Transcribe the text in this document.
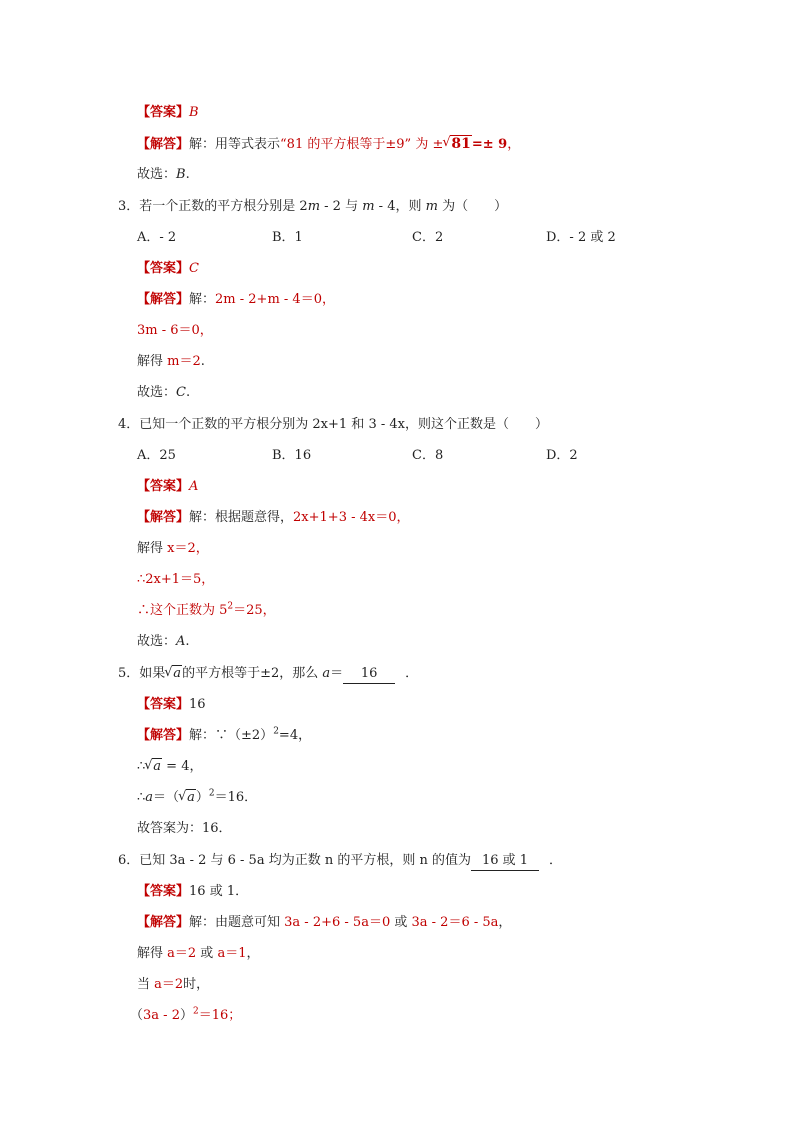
【答案】B
【解答】解：用等式表示“81 的平方根等于±9” 为 ± √ 81=± 9，
故选：B.
3．若一个正数的平方根分别是 2m - 2 与 m - 4，则 m 为（　　）
A．- 2	B．1	C．2	D．- 2 或 2
【答案】C
【解答】解：2m - 2+m - 4＝0，
3m - 6＝0，
解得 m＝2.
故选：C.
4．已知一个正数的平方根分别为 2x+1 和 3 - 4x，则这个正数是（　　）
A．25	B．16	C．8	D．2
【答案】A
【解答】解：根据题意得，2x+1+3 - 4x＝0，
解得 x＝2，
∴2x+1＝5，
∴这个正数为 $5^2=25$，
故选：A.
5．如果 √ a的平方根等于±2，那么 a＝ 16 ．
【答案】16
【解答】解：$\because(\pm 2)^2=4$，
∴ √ a = 4，
∴a＝（ √ a）$^2$＝16．
故答案为：16．
6．已知 3a - 2 与 6 - 5a 均为正数 n 的平方根，则 n 的值为 16 或 1 ．
【答案】16 或 1．
【解答】解：由题意可知 3a - 2+6 - 5a＝0 或 3a - 2＝6 - 5a，
解得 a＝2 或 a＝1，
当 a＝2时，
（3a - 2）$^2$＝16；
